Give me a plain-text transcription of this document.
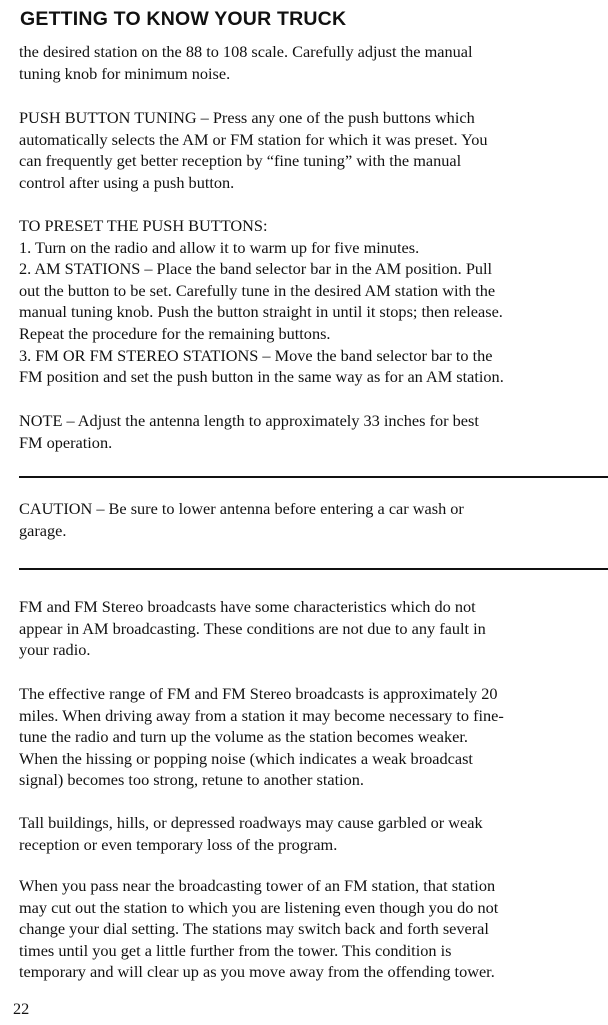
GETTING TO KNOW YOUR TRUCK

the desired station on the 88 to 108 scale. Carefully adjust the manual
tuning knob for minimum noise.

PUSH BUTTON TUNING – Press any one of the push buttons which
automatically selects the AM or FM station for which it was preset. You
can frequently get better reception by “fine tuning” with the manual
control after using a push button.

TO PRESET THE PUSH BUTTONS:
1. Turn on the radio and allow it to warm up for five minutes.
2. AM STATIONS – Place the band selector bar in the AM position. Pull
out the button to be set. Carefully tune in the desired AM station with the
manual tuning knob. Push the button straight in until it stops; then release.
Repeat the procedure for the remaining buttons.
3. FM OR FM STEREO STATIONS – Move the band selector bar to the
FM position and set the push button in the same way as for an AM station.

NOTE – Adjust the antenna length to approximately 33 inches for best
FM operation.

CAUTION – Be sure to lower antenna before entering a car wash or
garage.

FM and FM Stereo broadcasts have some characteristics which do not
appear in AM broadcasting. These conditions are not due to any fault in
your radio.

The effective range of FM and FM Stereo broadcasts is approximately 20
miles. When driving away from a station it may become necessary to fine-
tune the radio and turn up the volume as the station becomes weaker.
When the hissing or popping noise (which indicates a weak broadcast
signal) becomes too strong, retune to another station.

Tall buildings, hills, or depressed roadways may cause garbled or weak
reception or even temporary loss of the program.

When you pass near the broadcasting tower of an FM station, that station
may cut out the station to which you are listening even though you do not
change your dial setting. The stations may switch back and forth several
times until you get a little further from the tower. This condition is
temporary and will clear up as you move away from the offending tower.

22
